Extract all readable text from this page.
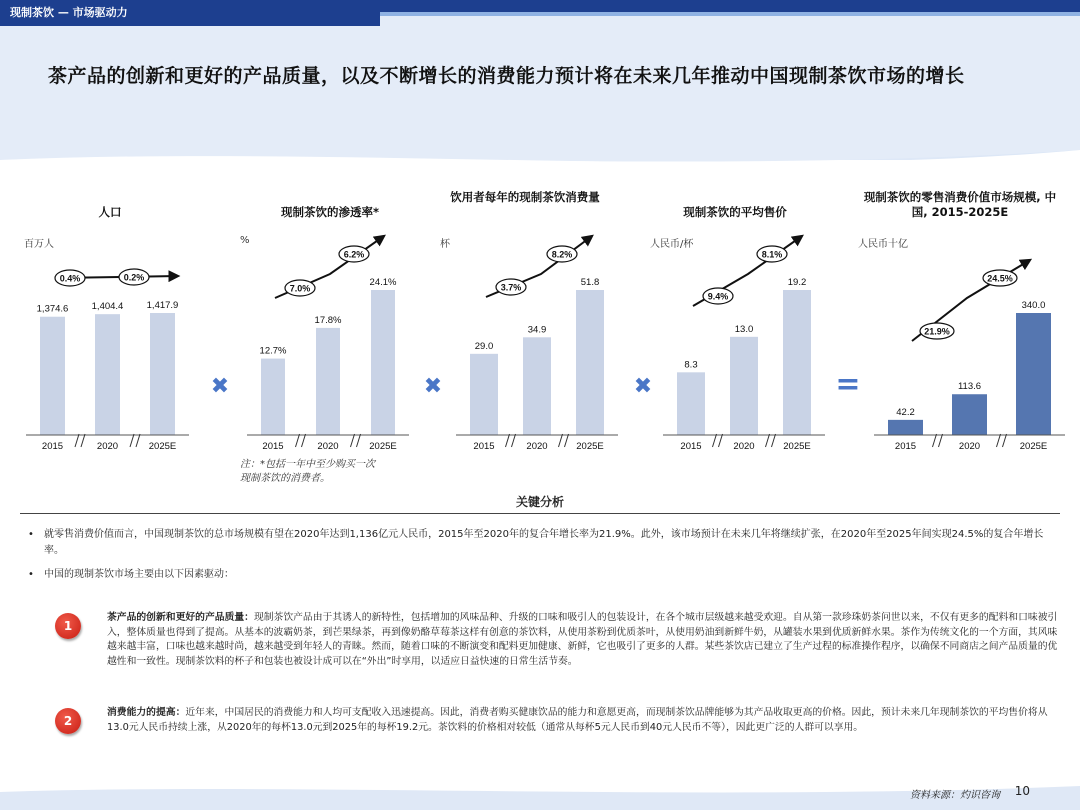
现制茶饮 — 市场驱动力
茶产品的创新和更好的产品质量，以及不断增长的消费能力预计将在未来几年推动中国现制茶饮市场的增长
人口	现制茶饮的渗透率*
饮用者每年的现制茶饮消费量
现制茶饮的平均售价
现制茶饮的零售消费价值市场规模, 中国, 2015-2025E
百万人	%	杯	人民币/杯	人民币十亿
1,374.6
2015
1,404.4
2020
1,417.9
2025E
0.4%	0.2%
12.7%
2015
17.8%
2020
24.1%
2025E
7.0%
6.2%
29.0
2015
34.9
2020
51.8
2025E
3.7%
8.2%
8.3
2015
13.0
2020
19.2
2025E
9.4%
8.1%
42.2
2015
113.6
2020
340.0
2025E
21.9%
24.5%
✖	✖	✖	=
注：*包括一年中至少购买一次
现制茶饮的消费者。
关键分析
•	就零售消费价值而言，中国现制茶饮的总市场规模有望在2020年达到1,136亿元人民币，2015年至2020年的复合年增长率为21.9%。此外，该市场预计在未来几年将继续扩张，在2020年至2025年间实现24.5%的复合年增长率。
•	中国的现制茶饮市场主要由以下因素驱动：
1
茶产品的创新和更好的产品质量：现制茶饮产品由于其诱人的新特性，包括增加的风味品种、升级的口味和吸引人的包装设计，在各个城市层级越来越受欢迎。自从第一款珍珠奶茶问世以来，不仅有更多的配料和口味被引入，整体质量也得到了提高。从基本的波霸奶茶，到芒果绿茶，再到像奶酪草莓茶这样有创意的茶饮料，从使用茶粉到优质茶叶，从使用奶油到新鲜牛奶，从罐装水果到优质新鲜水果。茶作为传统文化的一个方面，其风味越来越丰富，口味也越来越时尚，越来越受到年轻人的青睐。然而，随着口味的不断演变和配料更加健康、新鲜，它也吸引了更多的人群。某些茶饮店已建立了生产过程的标准操作程序，以确保不同商店之间产品质量的优越性和一致性。现制茶饮料的杯子和包装也被设计成可以在“外出”时享用，以适应日益快速的日常生活节奏。
2
消费能力的提高：近年来，中国居民的消费能力和人均可支配收入迅速提高。因此，消费者购买健康饮品的能力和意愿更高，而现制茶饮品牌能够为其产品收取更高的价格。因此，预计未来几年现制茶饮的平均售价将从13.0元人民币持续上涨，从2020年的每杯13.0元到2025年的每杯19.2元。茶饮料的价格相对较低（通常从每杯5元人民币到40元人民币不等），因此更广泛的人群可以享用。
资料来源：灼识咨询 10
